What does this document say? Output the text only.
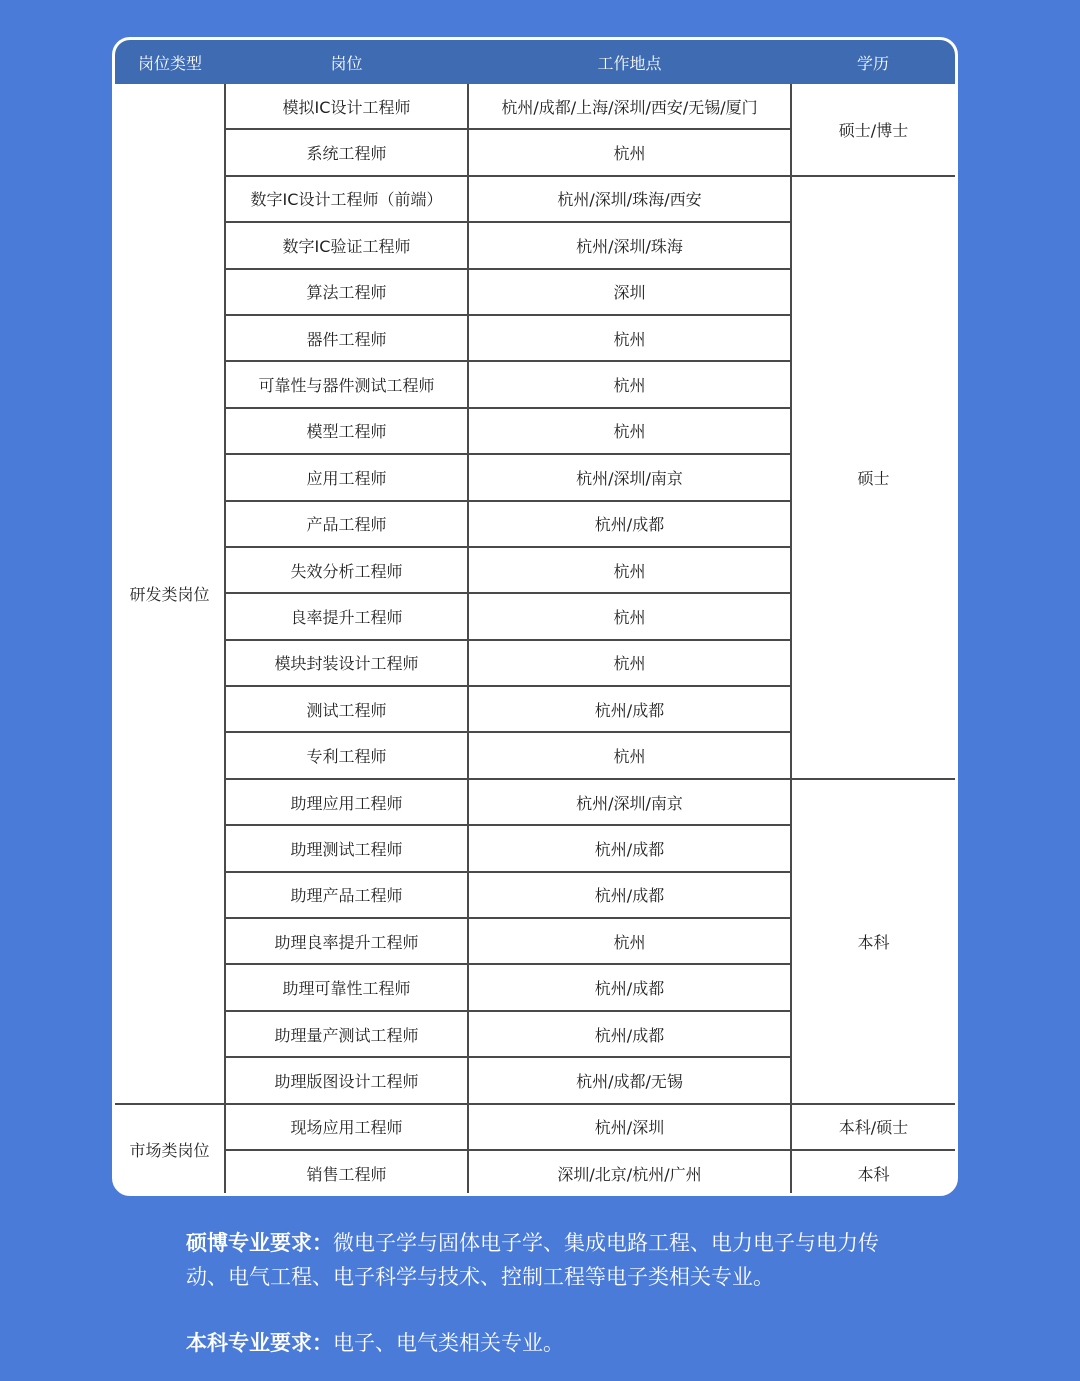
岗位类型	岗位	工作地点	学历
研发类岗位	模拟IC设计工程师	杭州/成都/上海/深圳/西安/无锡/厦门	硕士/博士
	系统工程师	杭州	
	数字IC设计工程师（前端）	杭州/深圳/珠海/西安	硕士
	数字IC验证工程师	杭州/深圳/珠海	
	算法工程师	深圳	
	器件工程师	杭州	
	可靠性与器件测试工程师	杭州	
	模型工程师	杭州	
	应用工程师	杭州/深圳/南京	
	产品工程师	杭州/成都	
	失效分析工程师	杭州	
	良率提升工程师	杭州	
	模块封装设计工程师	杭州	
	测试工程师	杭州/成都	
	专利工程师	杭州	
	助理应用工程师	杭州/深圳/南京	本科
	助理测试工程师	杭州/成都	
	助理产品工程师	杭州/成都	
	助理良率提升工程师	杭州	
	助理可靠性工程师	杭州/成都	
	助理量产测试工程师	杭州/成都	
	助理版图设计工程师	杭州/成都/无锡	
市场类岗位	现场应用工程师	杭州/深圳	本科/硕士
	销售工程师	深圳/北京/杭州/广州	本科

硕博专业要求：微电子学与固体电子学、集成电路工程、电力电子与电力传动、电气工程、电子科学与技术、控制工程等电子类相关专业。

本科专业要求：电子、电气类相关专业。
